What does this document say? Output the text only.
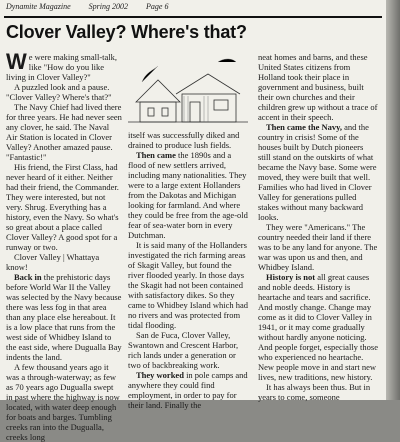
Dynamite Magazine Spring 2002 Page 6
Clover Valley? Where's that?

We were making small-talk, like "How do you like living in Clover Valley?"

A puzzled look and a pause. "Clover Valley? Where's that?"

The Navy Chief had lived there for three years. He had never seen any clover, he said. The Naval Air Station is located in Clover Valley? Another amazed pause. "Fantastic!"

His friend, the First Class, had never heard of it either. Neither had their friend, the Commander. They were interested, but not very. Shrug. Everything has a history, even the Navy. So what's so great about a place called Clover Valley? A good spot for a runway or two.

Clover Valley | Whattaya know!

Back in the prehistoric days before World War II the Valley was selected by the Navy because there was less fog in that area than any place else hereabout. It is a low place that runs from the west side of Whidbey Island to the east side, where Dugualla Bay indents the land.

A few thousand years ago it was a through-waterway; as few as 70 years ago Dugualla swept in past where the highway is now located, with water deep enough for boats and barges. Tumbling creeks ran into the Dugualla, creeks long

itself was successfully diked and drained to produce lush fields.

Then came the 1890s and a flood of new settlers arrived, including many nationalities. They were to a large extent Hollanders from the Dakotas and Michigan looking for farmland. And where they could be free from the age-old fear of sea-water born in every Dutchman.

It is said many of the Hollanders investigated the rich farming areas of Skagit Valley, but found the river flooded yearly. In those days the Skagit had not been contained with satisfactory dikes. So they came to Whidbey Island which had no rivers and was protected from tidal flooding.

San de Fuca, Clover Valley, Swantown and Crescent Harbor, rich lands under a generation or two of backbreaking work.

They worked in pole camps and anywhere they could find employment, in order to pay for their land. Finally the

neat homes and barns, and these United States citizens from Holland took their place in government and business, built their own churches and their children grew up without a trace of accent in their speech.

Then came the Navy, and the country in crisis! Some of the houses built by Dutch pioneers still stand on the outskirts of what became the Navy base. Some were moved, they were built that well. Families who had lived in Clover Valley for generations pulled stakes without many backward looks.

They were "Americans." The country needed their land if there was to be any land for anyone. The war was upon us and then, and Whidbey Island.

History is not all great causes and noble deeds. History is heartache and tears and sacrifice. And mostly change. Change may come as it did to Clover Valley in 1941, or it may come gradually without hardly anyone noticing. And people forget, especially those who experienced no heartache. New people move in and start new lives, new traditions, new history.

It has always been thus. But in years to come, someone
